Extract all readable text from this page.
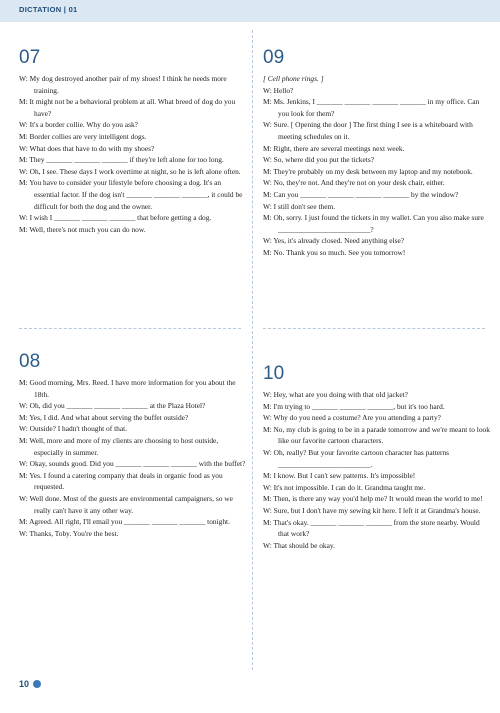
DICTATION | 01
07

W: My dog destroyed another pair of my shoes! I think he needs more training.

M: It might not be a behavioral problem at all. What breed of dog do you have?

W: It's a border collie. Why do you ask?

M: Border collies are very intelligent dogs.

W: What does that have to do with my shoes?

M: They _______ _______ _______ if they're left alone for too long.

W: Oh, I see. These days I work overtime at night, so he is left alone often.

M: You have to consider your lifestyle before choosing a dog. It's an essential factor. If the dog isn't _______ _______ _______, it could be difficult for both the dog and the owner.

W: I wish I _______ _______ _______ that before getting a dog.

M: Well, there's not much you can do now.

09

[ Cell phone rings. ]

W: Hello?

M: Ms. Jenkins, I _______ _______ _______ _______ in my office. Can you look for them?

W: Sure. [ Opening the door ] The first thing I see is a whiteboard with meeting schedules on it.

M: Right, there are several meetings next week.

W: So, where did you put the tickets?

M: They're probably on my desk between my laptop and my notebook.

W: No, they're not. And they're not on your desk chair, either.

M: Can you _______ _______ _______ _______ by the window?

W: I still don't see them.

M: Oh, sorry. I just found the tickets in my wallet. Can you also make sure _________________________?

W: Yes, it's already closed. Need anything else?

M: No. Thank you so much. See you tomorrow!

08

M: Good morning, Mrs. Reed. I have more information for you about the 18th.

W: Oh, did you _______ _______ _______ at the Plaza Hotel?

M: Yes, I did. And what about serving the buffet outside?

W: Outside? I hadn't thought of that.

M: Well, more and more of my clients are choosing to host outside, especially in summer.

W: Okay, sounds good. Did you _______ _______ _______ with the buffet?

M: Yes. I found a catering company that deals in organic food as you requested.

W: Well done. Most of the guests are environmental campaigners, so we really can't have it any other way.

M: Agreed. All right, I'll email you _______ _______ _______ tonight.

W: Thanks, Toby. You're the best.

10

W: Hey, what are you doing with that old jacket?

M: I'm trying to _______ _______ _______, but it's too hard.

W: Why do you need a costume? Are you attending a party?

M: No, my club is going to be in a parade tomorrow and we're meant to look like our favorite cartoon characters.

W: Oh, really? But your favorite cartoon character has patterns _________________________.

M: I know. But I can't sew patterns. It's impossible!

W: It's not impossible. I can do it. Grandma taught me.

M: Then, is there any way you'd help me? It would mean the world to me!

W: Sure, but I don't have my sewing kit here. I left it at Grandma's house.

M: That's okay. _______ _______ _______ from the store nearby. Would that work?

W: That should be okay.

10
